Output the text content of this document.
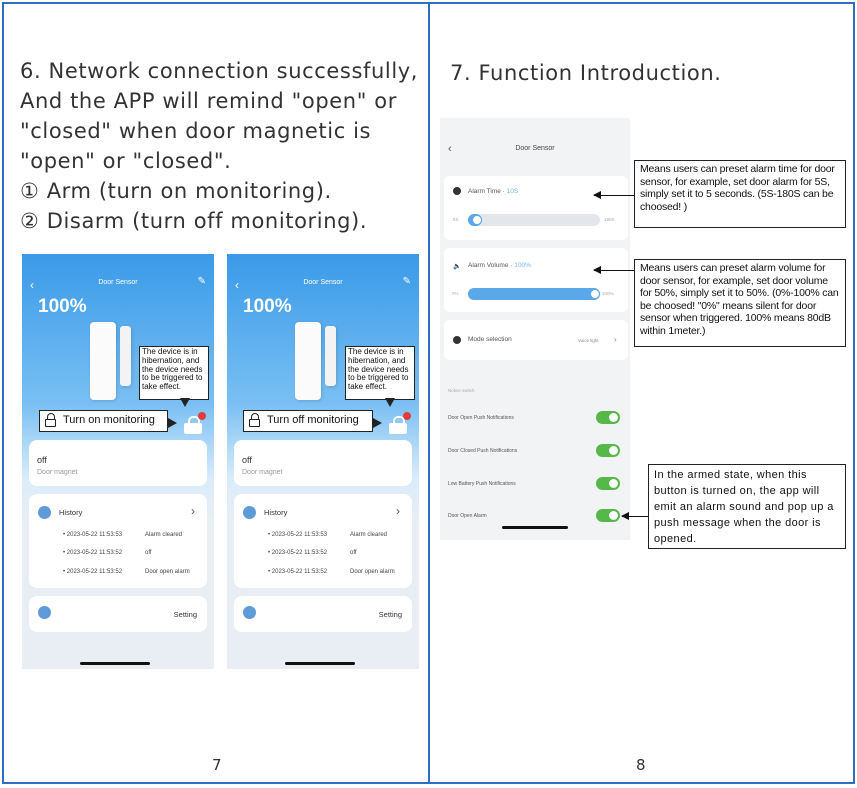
6. Network connection successfully,
And the APP will remind "open" or
"closed" when door magnetic is
"open" or "closed".
① Arm (turn on monitoring).
② Disarm (turn off monitoring).
‹	Door Sensor	✎
100%
The device is in hibernation, and the device needs to be triggered to take effect.
Turn on monitoring
off
Door magnet
History	›
• 2023-05-22 11:53:53	Alarm cleared
• 2023-05-22 11:53:52	off
• 2023-05-22 11:53:52	Door open alarm
Setting
‹	Door Sensor	✎
100%
The device is in hibernation, and the device needs to be triggered to take effect.
Turn off monitoring
off
Door magnet
History	›
• 2023-05-22 11:53:53	Alarm cleared
• 2023-05-22 11:53:52	off
• 2023-05-22 11:53:52	Door open alarm
Setting
7
7. Function Introduction.
‹	Door Sensor
Alarm Time · 10S
5S	180S
🔈 Alarm Volume · 100%
0%	100%
Mode selection	Voice light ›
Notice switch
Door Open Push Notifications
Door Closed Push Notifications
Low Battery Push Notifications
Door Open Alarm
Means users can preset alarm time for door sensor, for example, set door alarm for 5S, simply set it to 5 seconds. (5S-180S can be choosed! )
Means users can preset alarm volume for door sensor, for example, set door volume for 50%, simply set it to 50%. (0%-100% can be choosed! "0%" means silent for door sensor when triggered. 100% means 80dB within 1meter.)
In the armed state, when this button is turned on, the app will emit an alarm sound and pop up a push message when the door is opened.
8
